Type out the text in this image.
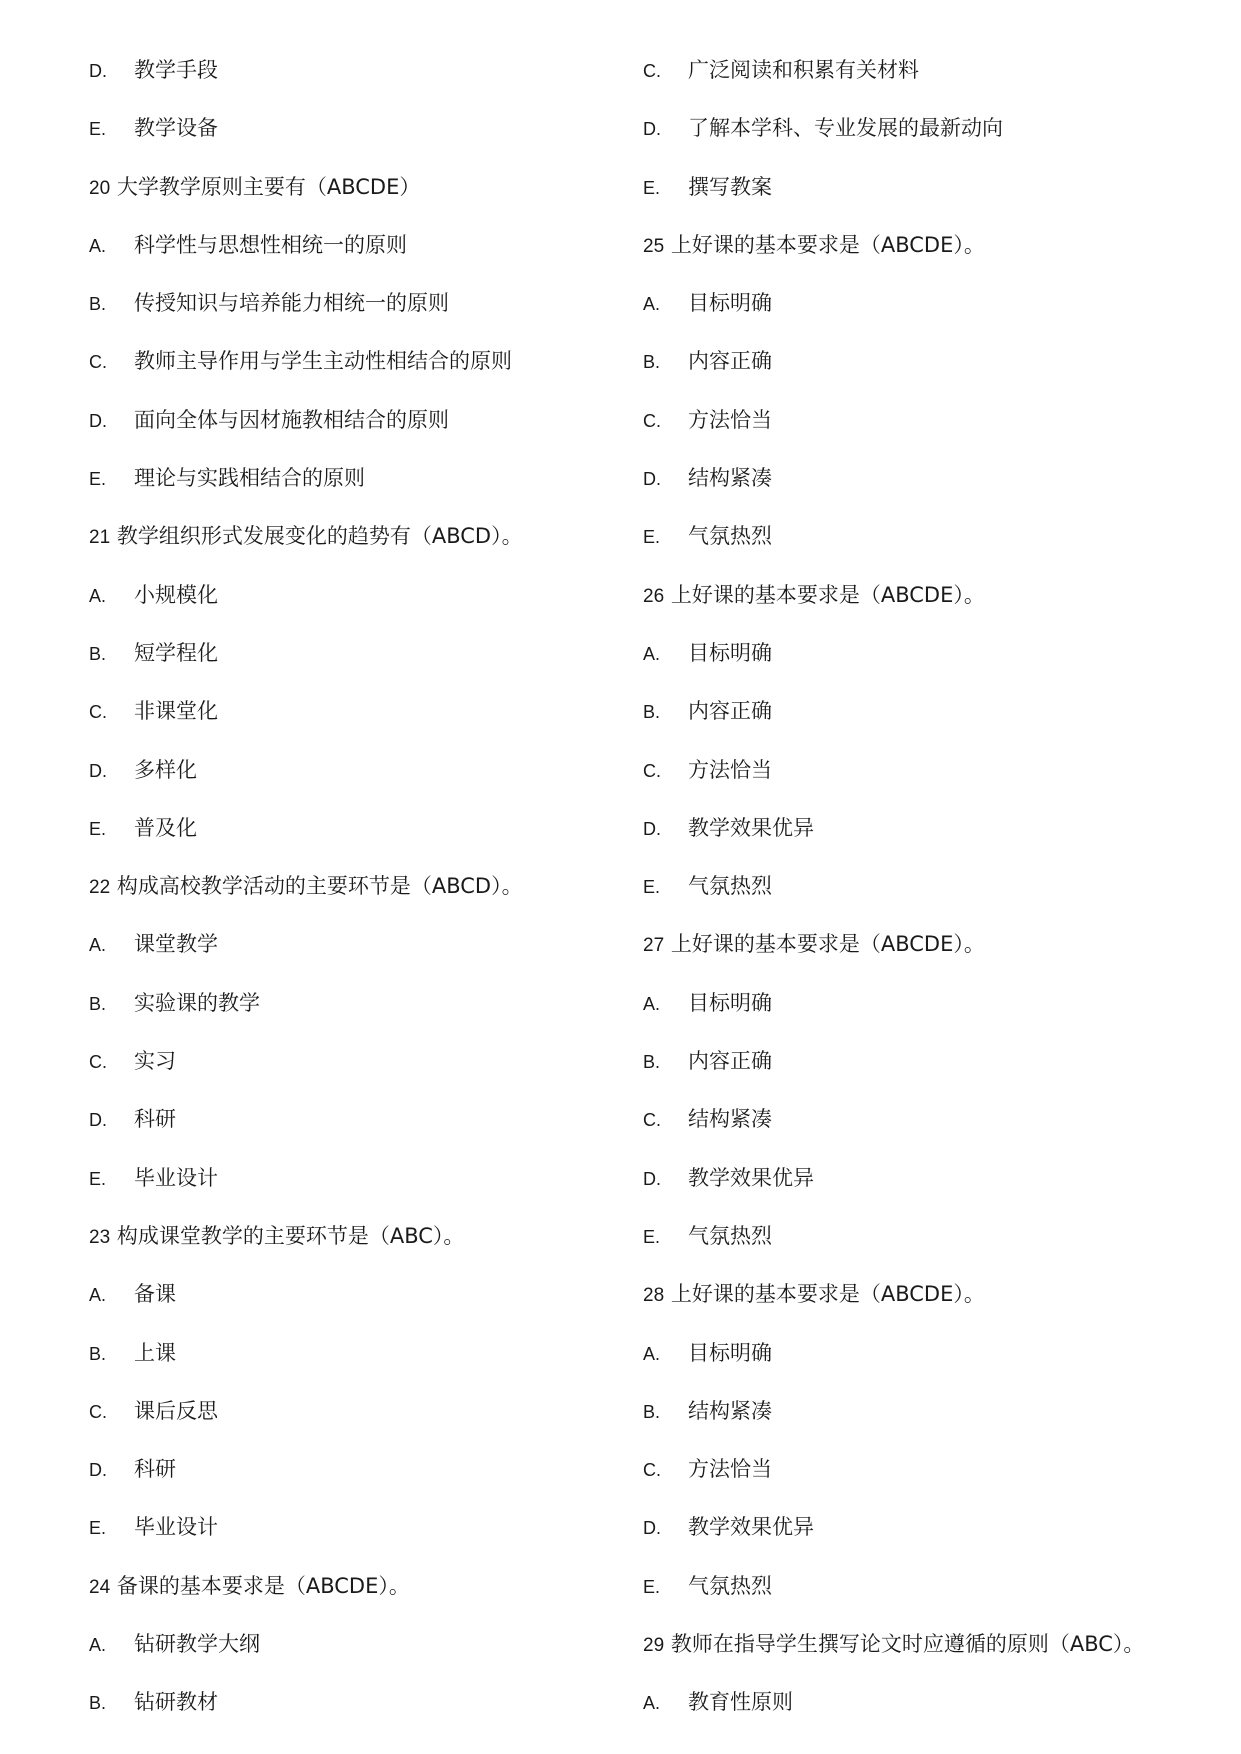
D. 教学手段
E. 教学设备
20 大学教学原则主要有（ABCDE）
A. 科学性与思想性相统一的原则
B. 传授知识与培养能力相统一的原则
C. 教师主导作用与学生主动性相结合的原则
D. 面向全体与因材施教相结合的原则
E. 理论与实践相结合的原则
21 教学组织形式发展变化的趋势有（ABCD）。
A. 小规模化
B. 短学程化
C. 非课堂化
D. 多样化
E. 普及化
22 构成高校教学活动的主要环节是（ABCD）。
A. 课堂教学
B. 实验课的教学
C. 实习
D. 科研
E. 毕业设计
23 构成课堂教学的主要环节是（ABC）。
A. 备课
B. 上课
C. 课后反思
D. 科研
E. 毕业设计
24 备课的基本要求是（ABCDE）。
A. 钻研教学大纲
B. 钻研教材
C. 广泛阅读和积累有关材料
D. 了解本学科、专业发展的最新动向
E. 撰写教案
25 上好课的基本要求是（ABCDE）。
A. 目标明确
B. 内容正确
C. 方法恰当
D. 结构紧凑
E. 气氛热烈
26 上好课的基本要求是（ABCDE）。
A. 目标明确
B. 内容正确
C. 方法恰当
D. 教学效果优异
E. 气氛热烈
27 上好课的基本要求是（ABCDE）。
A. 目标明确
B. 内容正确
C. 结构紧凑
D. 教学效果优异
E. 气氛热烈
28 上好课的基本要求是（ABCDE）。
A. 目标明确
B. 结构紧凑
C. 方法恰当
D. 教学效果优异
E. 气氛热烈
29 教师在指导学生撰写论文时应遵循的原则（ABC）。
A. 教育性原则
